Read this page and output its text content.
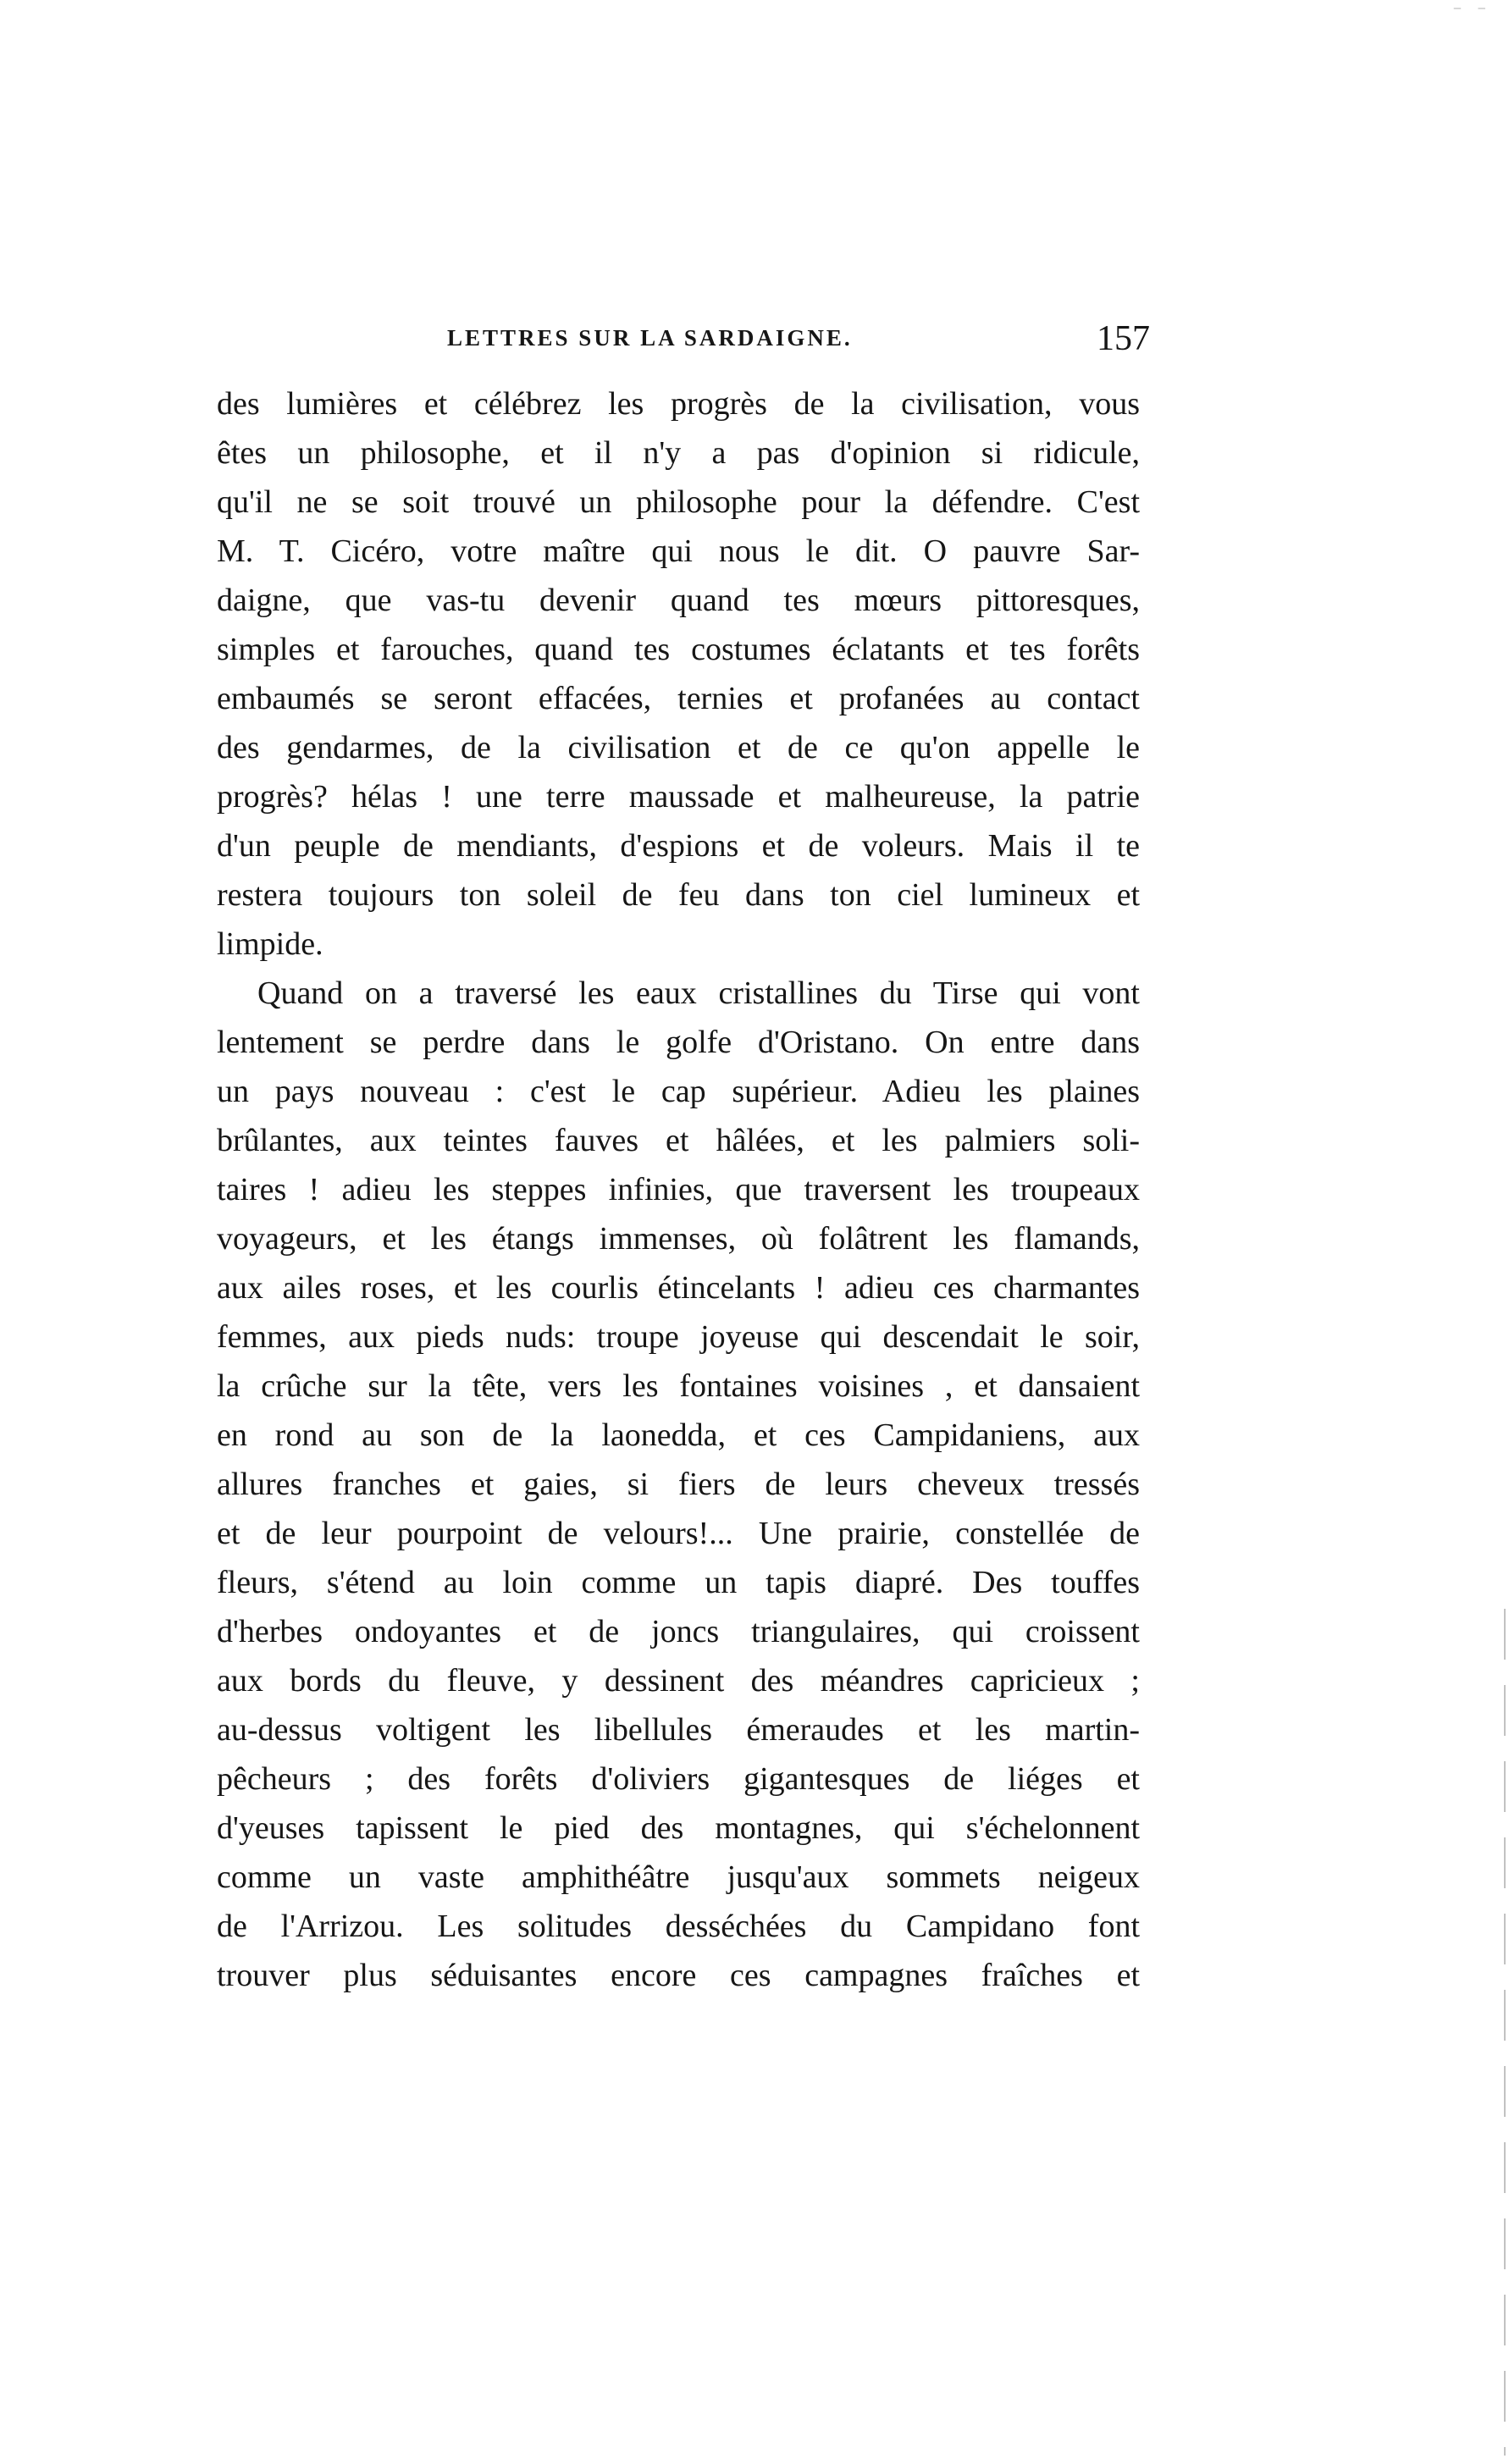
– –
LETTRES SUR LA SARDAIGNE.	157
des lumières et célébrez les progrès de la civilisation, vous
êtes un philosophe, et il n'y a pas d'opinion si ridicule,
qu'il ne se soit trouvé un philosophe pour la défendre. C'est
M. T. Cicéro, votre maître qui nous le dit. O pauvre Sar-
daigne, que vas-tu devenir quand tes mœurs pittoresques,
simples et farouches, quand tes costumes éclatants et tes forêts
embaumés se seront effacées, ternies et profanées au contact
des gendarmes, de la civilisation et de ce qu'on appelle le
progrès? hélas ! une terre maussade et malheureuse, la patrie
d'un peuple de mendiants, d'espions et de voleurs. Mais il te
restera toujours ton soleil de feu dans ton ciel lumineux et
limpide.
Quand on a traversé les eaux cristallines du Tirse qui vont
lentement se perdre dans le golfe d'Oristano. On entre dans
un pays nouveau : c'est le cap supérieur. Adieu les plaines
brûlantes, aux teintes fauves et hâlées, et les palmiers soli-
taires ! adieu les steppes infinies, que traversent les troupeaux
voyageurs, et les étangs immenses, où folâtrent les flamands,
aux ailes roses, et les courlis étincelants ! adieu ces charmantes
femmes, aux pieds nuds: troupe joyeuse qui descendait le soir,
la crûche sur la tête, vers les fontaines voisines , et dansaient
en rond au son de la laonedda, et ces Campidaniens, aux
allures franches et gaies, si fiers de leurs cheveux tressés
et de leur pourpoint de velours!... Une prairie, constellée de
fleurs, s'étend au loin comme un tapis diapré. Des touffes
d'herbes ondoyantes et de joncs triangulaires, qui croissent
aux bords du fleuve, y dessinent des méandres capricieux ;
au-dessus voltigent les libellules émeraudes et les martin-
pêcheurs ; des forêts d'oliviers gigantesques de liéges et
d'yeuses tapissent le pied des montagnes, qui s'échelonnent
comme un vaste amphithéâtre jusqu'aux sommets neigeux
de l'Arrizou. Les solitudes desséchées du Campidano font
trouver plus séduisantes encore ces campagnes fraîches et
